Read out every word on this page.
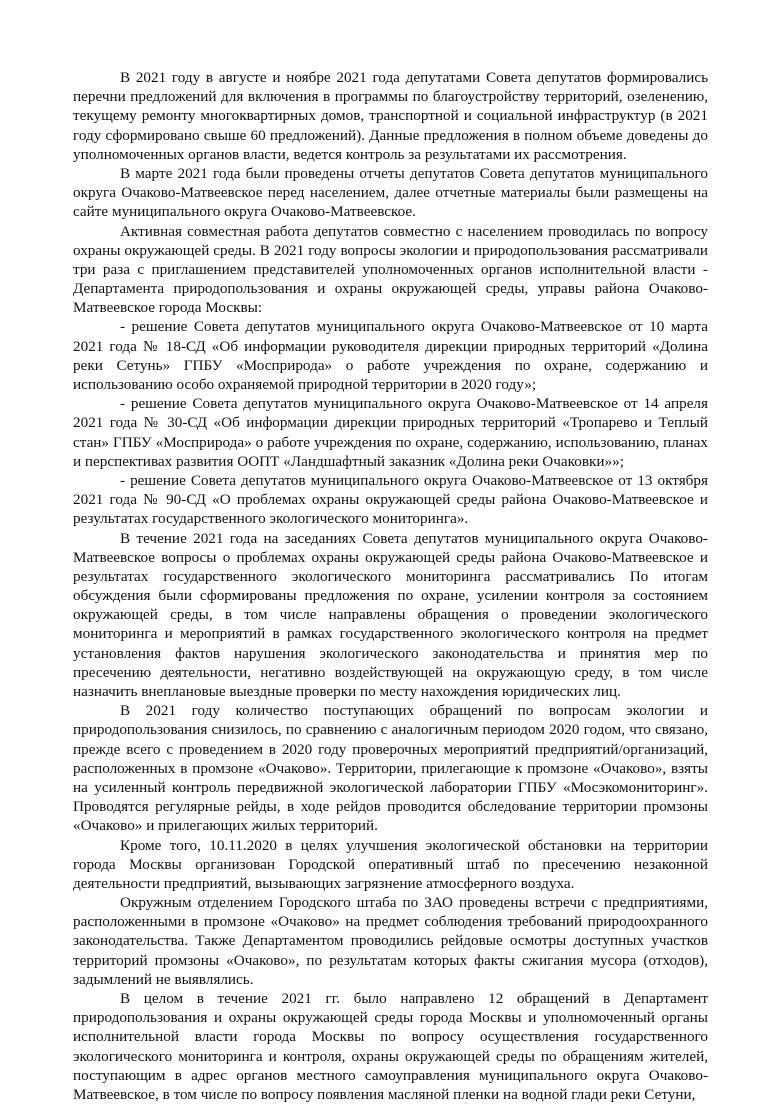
В 2021 году в августе и ноябре 2021 года депутатами Совета депутатов формировались перечни предложений для включения в программы по благоустройству территорий, озеленению, текущему ремонту многоквартирных домов, транспортной и социальной инфраструктур (в 2021 году сформировано свыше 60 предложений). Данные предложения в полном объеме доведены до уполномоченных органов власти, ведется контроль за результатами их рассмотрения.

В марте 2021 года были проведены отчеты депутатов Совета депутатов муниципального округа Очаково-Матвеевское перед населением, далее отчетные материалы были размещены на сайте муниципального округа Очаково-Матвеевское.

Активная совместная работа депутатов совместно с населением проводилась по вопросу охраны окружающей среды. В 2021 году вопросы экологии и природопользования рассматривали три раза с приглашением представителей уполномоченных органов исполнительной власти - Департамента природопользования и охраны окружающей среды, управы района Очаково-Матвеевское города Москвы:

- решение Совета депутатов муниципального округа Очаково-Матвеевское от 10 марта 2021 года № 18-СД «Об информации руководителя дирекции природных территорий «Долина реки Сетунь» ГПБУ «Мосприрода» о работе учреждения по охране, содержанию и использованию особо охраняемой природной территории в 2020 году»;

- решение Совета депутатов муниципального округа Очаково-Матвеевское от 14 апреля 2021 года № 30-СД «Об информации дирекции природных территорий «Тропарево и Теплый стан» ГПБУ «Мосприрода» о работе учреждения по охране, содержанию, использованию, планах и перспективах развития ООПТ «Ландшафтный заказник «Долина реки Очаковки»»;

- решение Совета депутатов муниципального округа Очаково-Матвеевское от 13 октября 2021 года № 90-СД «О проблемах охраны окружающей среды района Очаково-Матвеевское и результатах государственного экологического мониторинга».

В течение 2021 года на заседаниях Совета депутатов муниципального округа Очаково-Матвеевское вопросы о проблемах охраны окружающей среды района Очаково-Матвеевское и результатах государственного экологического мониторинга рассматривались По итогам обсуждения были сформированы предложения по охране, усилении контроля за состоянием окружающей среды, в том числе направлены обращения о проведении экологического мониторинга и мероприятий в рамках государственного экологического контроля на предмет установления фактов нарушения экологического законодательства и принятия мер по пресечению деятельности, негативно воздействующей на окружающую среду, в том числе назначить внеплановые выездные проверки по месту нахождения юридических лиц.

В 2021 году количество поступающих обращений по вопросам экологии и природопользования снизилось, по сравнению с аналогичным периодом 2020 годом, что связано, прежде всего с проведением в 2020 году проверочных мероприятий предприятий/организаций, расположенных в промзоне «Очаково». Территории, прилегающие к промзоне «Очаково», взяты на усиленный контроль передвижной экологической лаборатории ГПБУ «Мосэкомониторинг». Проводятся регулярные рейды, в ходе рейдов проводится обследование территории промзоны «Очаково» и прилегающих жилых территорий.

Кроме того, 10.11.2020 в целях улучшения экологической обстановки на территории города Москвы организован Городской оперативный штаб по пресечению незаконной деятельности предприятий, вызывающих загрязнение атмосферного воздуха.

Окружным отделением Городского штаба по ЗАО проведены встречи с предприятиями, расположенными в промзоне «Очаково» на предмет соблюдения требований природоохранного законодательства. Также Департаментом проводились рейдовые осмотры доступных участков территорий промзоны «Очаково», по результатам которых факты сжигания мусора (отходов), задымлений не выявлялись.

В целом в течение 2021 гг. было направлено 12 обращений в Департамент природопользования и охраны окружающей среды города Москвы и уполномоченный органы исполнительной власти города Москвы по вопросу осуществления государственного экологического мониторинга и контроля, охраны окружающей среды по обращениям жителей, поступающим в адрес органов местного самоуправления муниципального округа Очаково-Матвеевское, в том числе по вопросу появления масляной пленки на водной глади реки Сетуни,
